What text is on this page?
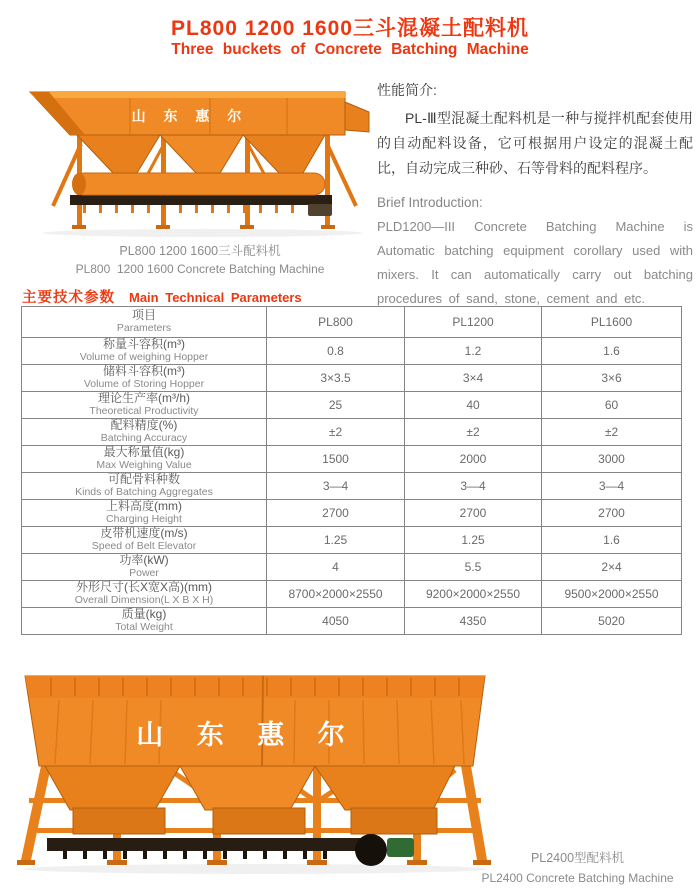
PL800 1200 1600三斗混凝土配料机
Three buckets of Concrete Batching Machine
山 东 惠 尔
PL800 1200 1600三斗配料机
PL800  1200 1600 Concrete Batching Machine
性能简介:

PL-Ⅲ型混凝土配料机是一种与搅拌机配套使用的自动配料设备，它可根据用户设定的混凝土配比，自动完成三种砂、石等骨料的配料程序。

Brief Introduction:

PLD1200—III Concrete Batching Machine is Automatic batching equipment corollary used with mixers. It can automatically carry out batching procedures of sand, stone, cement and etc.

主要技术参数 Main Technical Parameters
项目
Parameters	PL800	PL1200	PL1600

称量斗容积(m³)
Volume of weighing Hopper	0.8	1.2	1.6

储料斗容积(m³)
Volume of Storing Hopper	3×3.5	3×4	3×6

理论生产率(m³/h)
Theoretical Productivity	25	40	60

配料精度(%)
Batching Accuracy	±2	±2	±2

最大称量值(kg)
Max Weighing Value	1500	2000	3000

可配骨料种数
Kinds of Batching Aggregates	3—4	3—4	3—4

上料高度(mm)
Charging Height	2700	2700	2700

皮带机速度(m/s)
Speed of Belt Elevator	1.25	1.25	1.6

功率(kW)
Power	4	5.5	2×4

外形尺寸(长X宽X高)(mm)
Overall Dimension(L X B X H)	8700×2000×2550	9200×2000×2550	9500×2000×2550

质量(kg)
Total Weight	4050	4350	5020
山 东 惠 尔
PL2400型配料机
PL2400 Concrete Batching Machine
